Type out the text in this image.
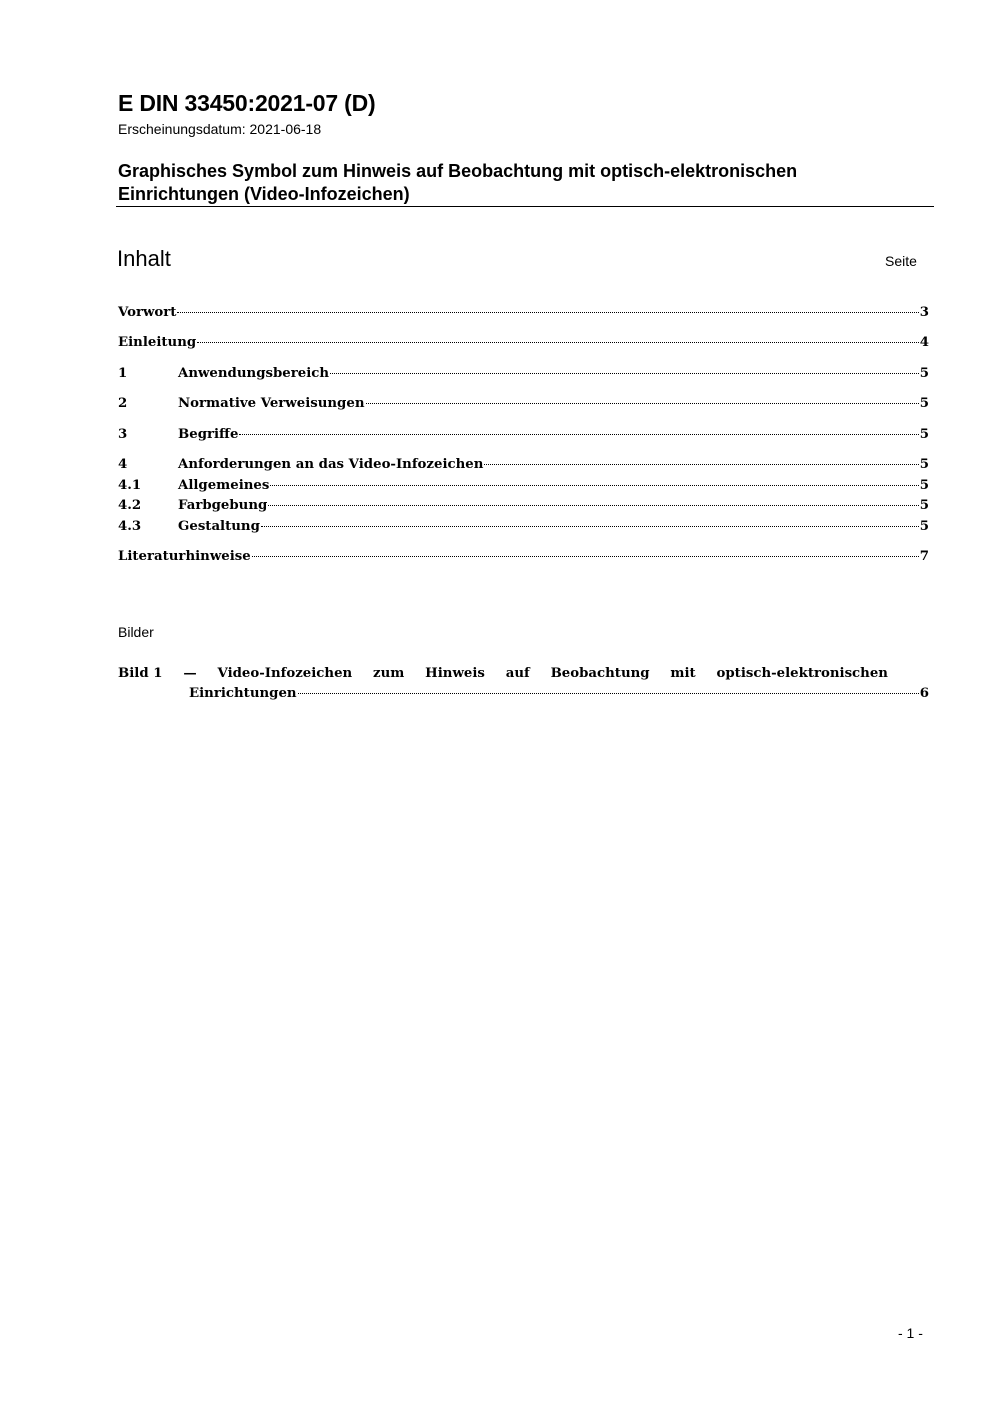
E DIN 33450:2021-07 (D)
Erscheinungsdatum: 2021-06-18
Graphisches Symbol zum Hinweis auf Beobachtung mit optisch-elektronischen
Einrichtungen (Video-Infozeichen)
Inhalt	Seite
Vorwort	3
Einleitung	4
1	Anwendungsbereich	5
2	Normative Verweisungen	5
3	Begriffe	5
4	Anforderungen an das Video-Infozeichen	5
4.1	Allgemeines	5
4.2	Farbgebung	5
4.3	Gestaltung	5
Literaturhinweise	7
Bilder
Bild 1 — Video-Infozeichen zum Hinweis auf Beobachtung mit optisch-elektronischen
Einrichtungen	6
- 1 -
